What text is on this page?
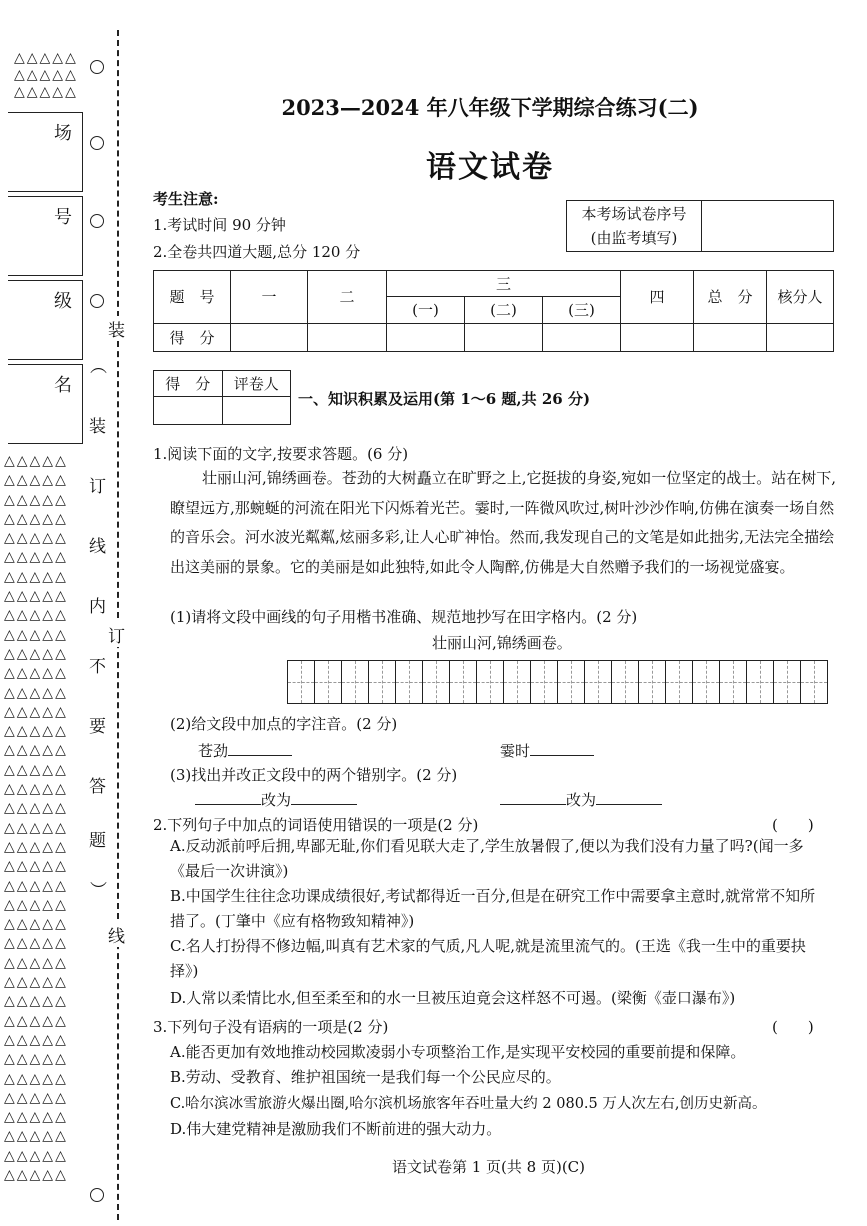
△△△△△
△△△△△
△△△△△
场
号
级
名
△△△△△
△△△△△
△△△△△
△△△△△
△△△△△
△△△△△
△△△△△
△△△△△
△△△△△
△△△△△
△△△△△
△△△△△
△△△△△
△△△△△
△△△△△
△△△△△
△△△△△
△△△△△
△△△△△
△△△△△
△△△△△
△△△△△
△△△△△
△△△△△
△△△△△
△△△△△
△△△△△
△△△△△
△△△△△
△△△△△
△△△△△
△△△△△
△△△△△
△△△△△
△△△△△
△△△△△
△△△△△
△△△△△
︵
装
订
线
内
不
要
答
题
︶
装
订
线
2023—2024 年八年级下学期综合练习(二)
语文试卷
考生注意:
1.考试时间 90 分钟
2.全卷共四道大题,总分 120 分
本考场试卷序号
(由监考填写)

题　号	一	二	三			四	总　分	核分人
			(一)	(二)	(三)			
得　分								
得　分	评卷人

一、知识积累及运用(第 1～6 题,共 26 分)
1.阅读下面的文字,按要求答题。(6 分)
壮丽山河,锦绣画卷。苍劲的大树矗立在旷野之上,它挺拔的身姿,宛如一位坚定的战士。站在树下,瞭望远方,那蜿蜒的河流在阳光下闪烁着光芒。霎时,一阵微风吹过,树叶沙沙作响,仿佛在演奏一场自然的音乐会。河水波光粼粼,炫丽多彩,让人心旷神怡。然而,我发现自己的文笔是如此拙劣,无法完全描绘出这美丽的景象。它的美丽是如此独特,如此令人陶醉,仿佛是大自然赠予我们的一场视觉盛宴。
(1)请将文段中画线的句子用楷书准确、规范地抄写在田字格内。(2 分)
壮丽山河,锦绣画卷。
(2)给文段中加点的字注音。(2 分)
苍劲	霎时
(3)找出并改正文段中的两个错别字。(2 分)
改为	改为
2.下列句子中加点的词语使用错误的一项是(2 分)	(　　)
A.反动派前呼后拥,卑鄙无耻,你们看见联大走了,学生放暑假了,便以为我们没有力量了吗?(闻一多《最后一次讲演》)
B.中国学生往往念功课成绩很好,考试都得近一百分,但是在研究工作中需要拿主意时,就常常不知所措了。(丁肇中《应有格物致知精神》)
C.名人打扮得不修边幅,叫真有艺术家的气质,凡人呢,就是流里流气的。(王选《我一生中的重要抉择》)
D.人常以柔情比水,但至柔至和的水一旦被压迫竟会这样怒不可遏。(梁衡《壶口瀑布》)
3.下列句子没有语病的一项是(2 分)	(　　)
A.能否更加有效地推动校园欺凌弱小专项整治工作,是实现平安校园的重要前提和保障。
B.劳动、受教育、维护祖国统一是我们每一个公民应尽的。
C.哈尔滨冰雪旅游火爆出圈,哈尔滨机场旅客年吞吐量大约 2 080.5 万人次左右,创历史新高。
D.伟大建党精神是激励我们不断前进的强大动力。
语文试卷第 1 页(共 8 页)(C)
